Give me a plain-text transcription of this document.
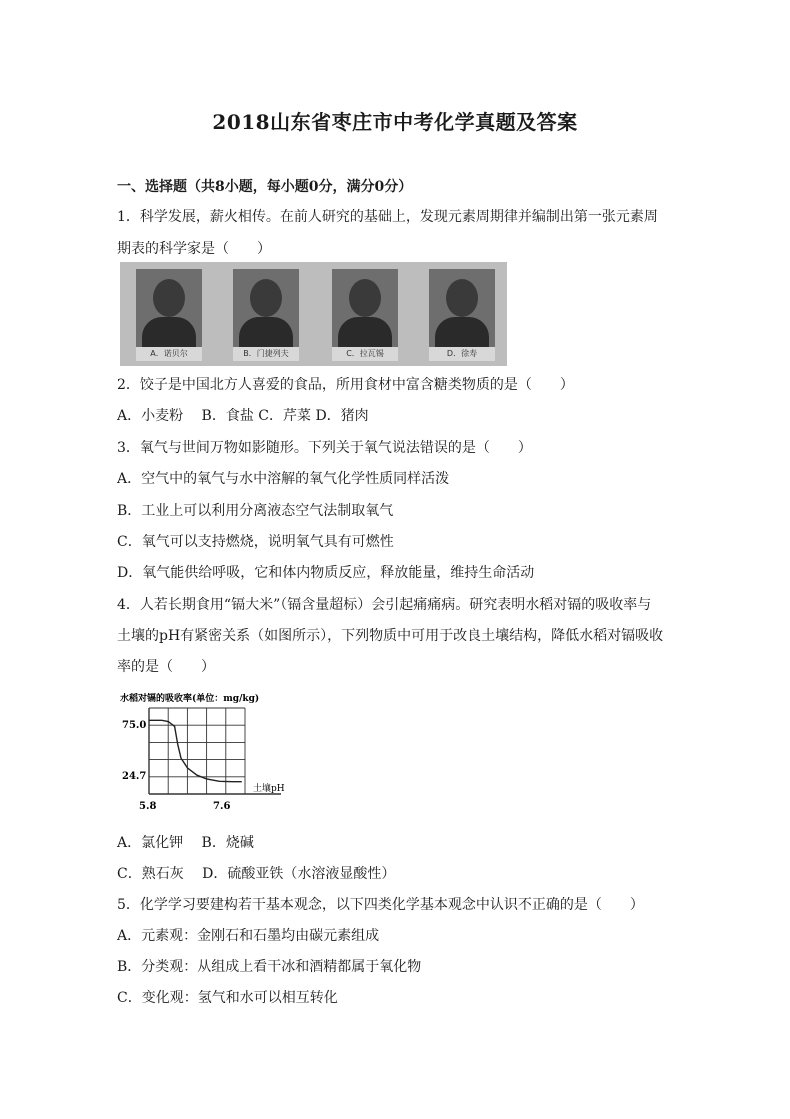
2018山东省枣庄市中考化学真题及答案
一、选择题（共8小题，每小题0分，满分0分）
1．科学发展，薪火相传。在前人研究的基础上，发现元素周期律并编制出第一张元素周
期表的科学家是（　　）
A．诺贝尔	B．门捷列夫	C．拉瓦锡	D．徐寿
2．饺子是中国北方人喜爱的食品，所用食材中富含糖类物质的是（　　）
A．小麦粉　 B．食盐 C．芹菜 D．猪肉
3．氧气与世间万物如影随形。下列关于氧气说法错误的是（　　）
A．空气中的氧气与水中溶解的氧气化学性质同样活泼
B．工业上可以利用分离液态空气法制取氧气
C．氧气可以支持燃烧，说明氧气具有可燃性
D．氧气能供给呼吸，它和体内物质反应，释放能量，维持生命活动
4．人若长期食用“镉大米”（镉含量超标）会引起痛痛病。研究表明水稻对镉的吸收率与
土壤的pH有紧密关系（如图所示），下列物质中可用于改良土壤结构，降低水稻对镉吸收
率的是（　　）
水稻对镉的吸收率(单位：mg/kg)
75.0
24.7
5.8	7.6
土壤pH
A．氯化钾　 B．烧碱
C．熟石灰　 D．硫酸亚铁（水溶液显酸性）
5．化学学习要建构若干基本观念，以下四类化学基本观念中认识不正确的是（　　）
A．元素观：金刚石和石墨均由碳元素组成
B．分类观：从组成上看干冰和酒精都属于氧化物
C．变化观：氢气和水可以相互转化
